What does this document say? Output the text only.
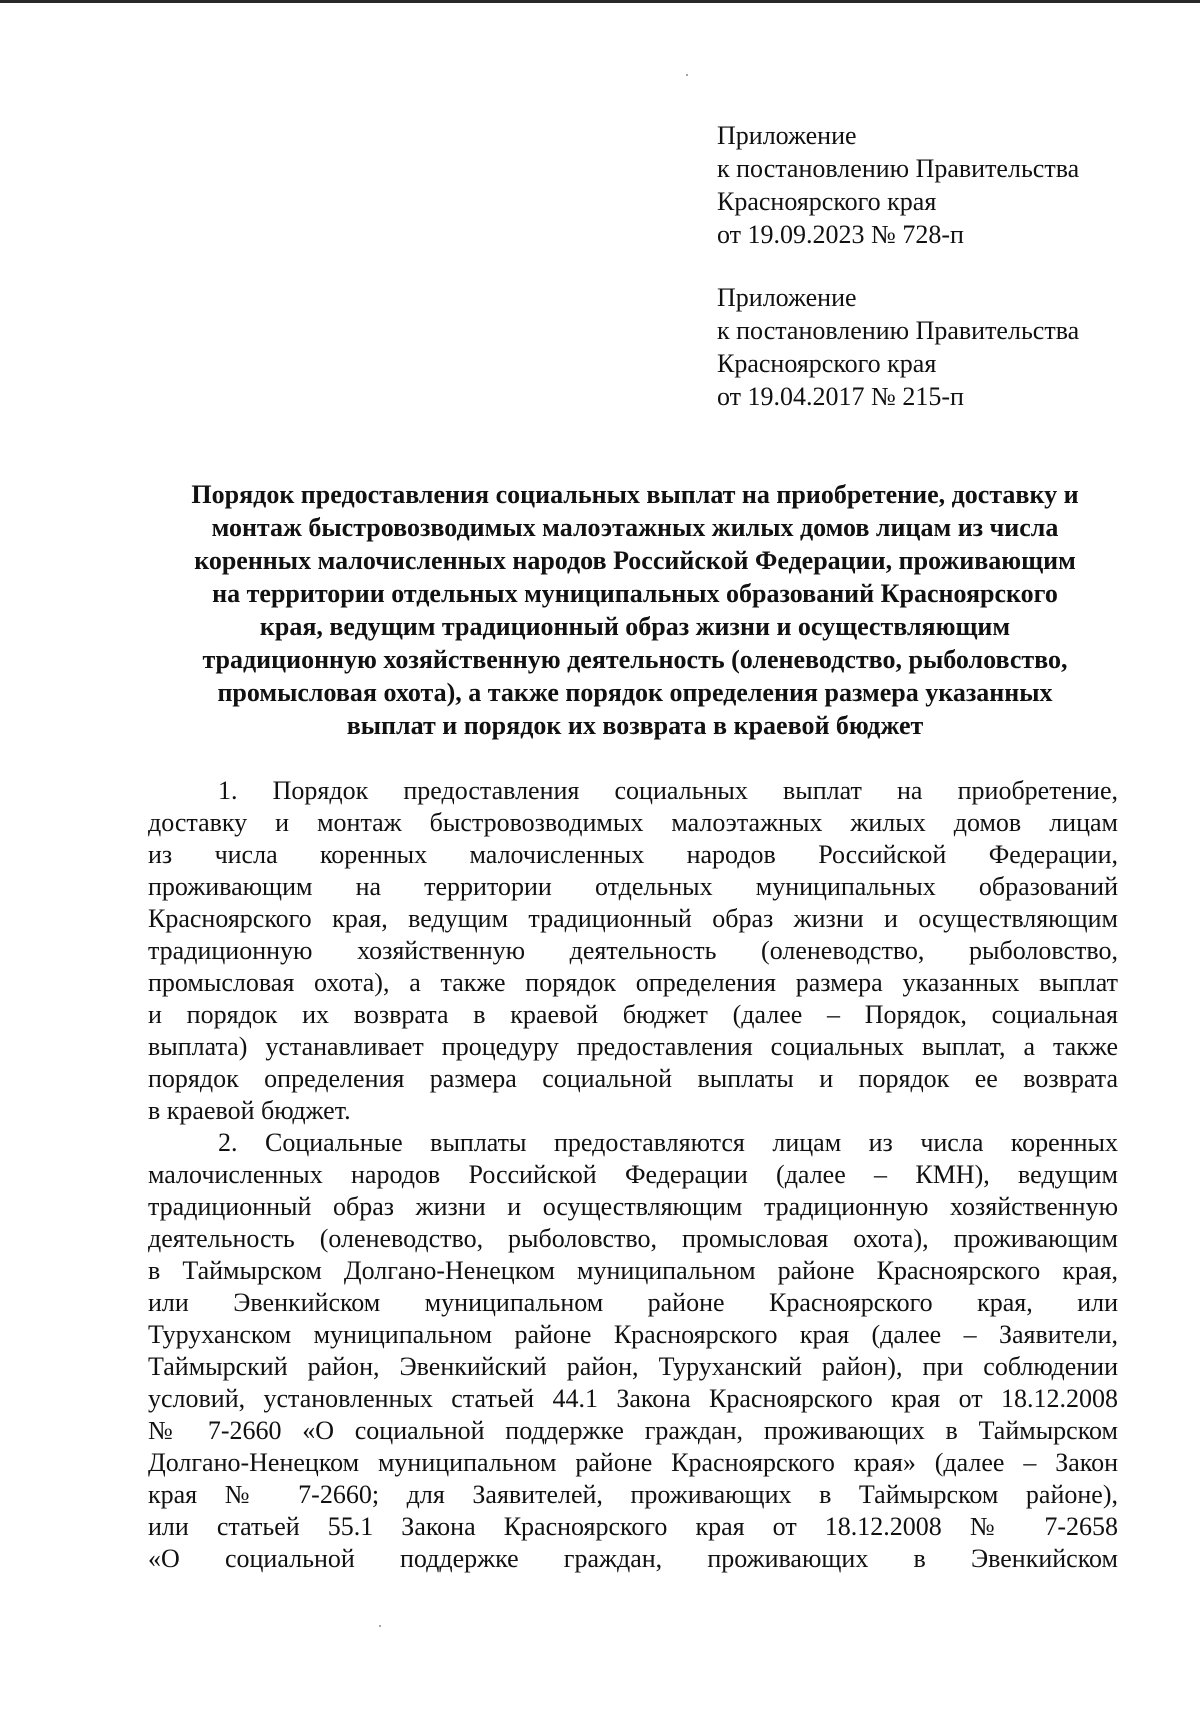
Приложение
к постановлению Правительства
Красноярского края
от 19.09.2023 № 728-п
Приложение
к постановлению Правительства
Красноярского края
от 19.04.2017 № 215-п
Порядок предоставления социальных выплат на приобретение, доставку и
монтаж быстровозводимых малоэтажных жилых домов лицам из числа
коренных малочисленных народов Российской Федерации, проживающим
на территории отдельных муниципальных образований Красноярского
края, ведущим традиционный образ жизни и осуществляющим
традиционную хозяйственную деятельность (оленеводство, рыболовство,
промысловая охота), а также порядок определения размера указанных
выплат и порядок их возврата в краевой бюджет
1. Порядок предоставления социальных выплат на приобретение,
доставку и монтаж быстровозводимых малоэтажных жилых домов лицам
из числа коренных малочисленных народов Российской Федерации,
проживающим на территории отдельных муниципальных образований
Красноярского края, ведущим традиционный образ жизни и осуществляющим
традиционную хозяйственную деятельность (оленеводство, рыболовство,
промысловая охота), а также порядок определения размера указанных выплат
и порядок их возврата в краевой бюджет (далее – Порядок, социальная
выплата) устанавливает процедуру предоставления социальных выплат, а также
порядок определения размера социальной выплаты и порядок ее возврата
в краевой бюджет.
2. Социальные выплаты предоставляются лицам из числа коренных
малочисленных народов Российской Федерации (далее – КМН), ведущим
традиционный образ жизни и осуществляющим традиционную хозяйственную
деятельность (оленеводство, рыболовство, промысловая охота), проживающим
в Таймырском Долгано-Ненецком муниципальном районе Красноярского края,
или Эвенкийском муниципальном районе Красноярского края, или
Туруханском муниципальном районе Красноярского края (далее – Заявители,
Таймырский район, Эвенкийский район, Туруханский район), при соблюдении
условий, установленных статьей 44.1 Закона Красноярского края от 18.12.2008
№ 7-2660 «О социальной поддержке граждан, проживающих в Таймырском
Долгано-Ненецком муниципальном районе Красноярского края» (далее – Закон
края № 7-2660; для Заявителей, проживающих в Таймырском районе),
или статьей 55.1 Закона Красноярского края от 18.12.2008 № 7-2658
«О социальной поддержке граждан, проживающих в Эвенкийском
